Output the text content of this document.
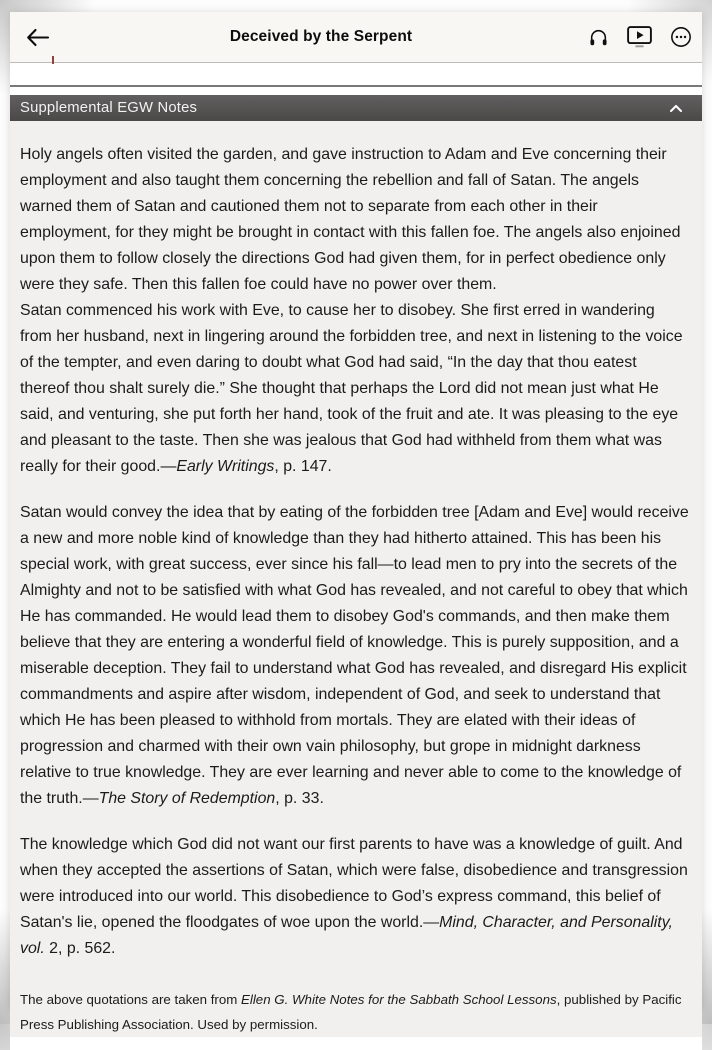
Deceived by the Serpent
Supplemental EGW Notes

Holy angels often visited the garden, and gave instruction to Adam and Eve concerning their employment and also taught them concerning the rebellion and fall of Satan. The angels warned them of Satan and cautioned them not to separate from each other in their employment, for they might be brought in contact with this fallen foe. The angels also enjoined upon them to follow closely the directions God had given them, for in perfect obedience only were they safe. Then this fallen foe could have no power over them.
Satan commenced his work with Eve, to cause her to disobey. She first erred in wandering from her husband, next in lingering around the forbidden tree, and next in listening to the voice of the tempter, and even daring to doubt what God had said, “In the day that thou eatest thereof thou shalt surely die.” She thought that perhaps the Lord did not mean just what He said, and venturing, she put forth her hand, took of the fruit and ate. It was pleasing to the eye and pleasant to the taste. Then she was jealous that God had withheld from them what was really for their good.—Early Writings, p. 147.

Satan would convey the idea that by eating of the forbidden tree [Adam and Eve] would receive a new and more noble kind of knowledge than they had hitherto attained. This has been his special work, with great success, ever since his fall—to lead men to pry into the secrets of the Almighty and not to be satisfied with what God has revealed, and not careful to obey that which He has commanded. He would lead them to disobey God's commands, and then make them believe that they are entering a wonderful field of knowledge. This is purely supposition, and a miserable deception. They fail to understand what God has revealed, and disregard His explicit commandments and aspire after wisdom, independent of God, and seek to understand that which He has been pleased to withhold from mortals. They are elated with their ideas of progression and charmed with their own vain philosophy, but grope in midnight darkness relative to true knowledge. They are ever learning and never able to come to the knowledge of the truth.—The Story of Redemption, p. 33.

The knowledge which God did not want our first parents to have was a knowledge of guilt. And when they accepted the assertions of Satan, which were false, disobedience and transgression were introduced into our world. This disobedience to God’s express command, this belief of Satan's lie, opened the floodgates of woe upon the world.—Mind, Character, and Personality, vol. 2, p. 562.

The above quotations are taken from Ellen G. White Notes for the Sabbath School Lessons, published by Pacific Press Publishing Association. Used by permission.
